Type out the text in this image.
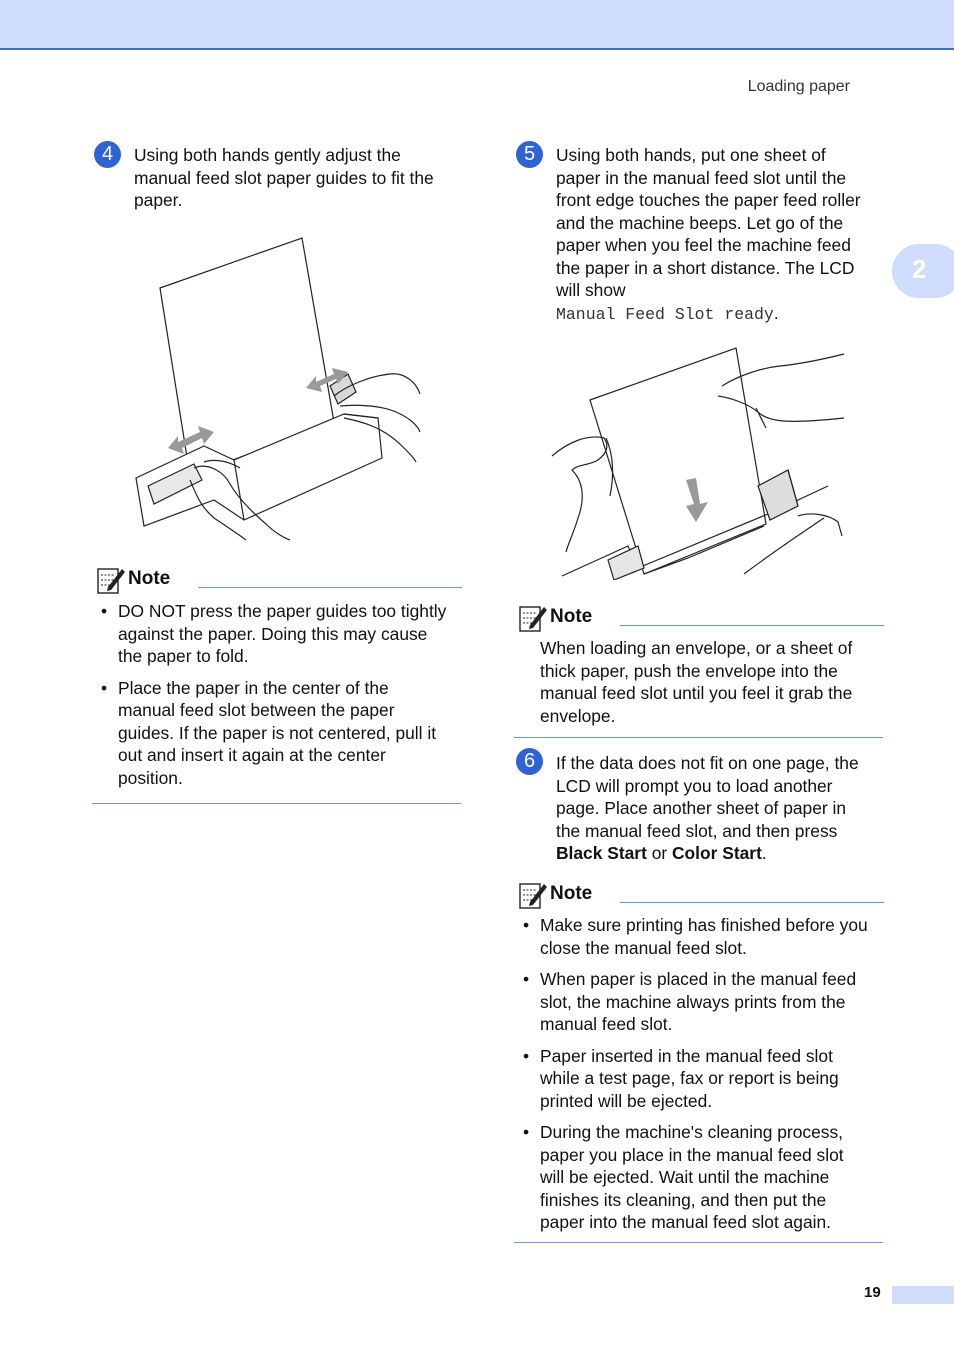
Loading paper
2
4	Using both hands gently adjust the
manual feed slot paper guides to fit the
paper.
Note
• DO NOT press the paper guides too tightly
against the paper. Doing this may cause
the paper to fold.
• Place the paper in the center of the
manual feed slot between the paper
guides. If the paper is not centered, pull it
out and insert it again at the center
position.
5	Using both hands, put one sheet of
paper in the manual feed slot until the
front edge touches the paper feed roller
and the machine beeps. Let go of the
paper when you feel the machine feed
the paper in a short distance. The LCD
will show
Manual Feed Slot ready.
Note
When loading an envelope, or a sheet of
thick paper, push the envelope into the
manual feed slot until you feel it grab the
envelope.
6	If the data does not fit on one page, the
LCD will prompt you to load another
page. Place another sheet of paper in
the manual feed slot, and then press
Black Start or Color Start.
Note
• Make sure printing has finished before you
close the manual feed slot.
• When paper is placed in the manual feed
slot, the machine always prints from the
manual feed slot.
• Paper inserted in the manual feed slot
while a test page, fax or report is being
printed will be ejected.
• During the machine's cleaning process,
paper you place in the manual feed slot
will be ejected. Wait until the machine
finishes its cleaning, and then put the
paper into the manual feed slot again.
19
